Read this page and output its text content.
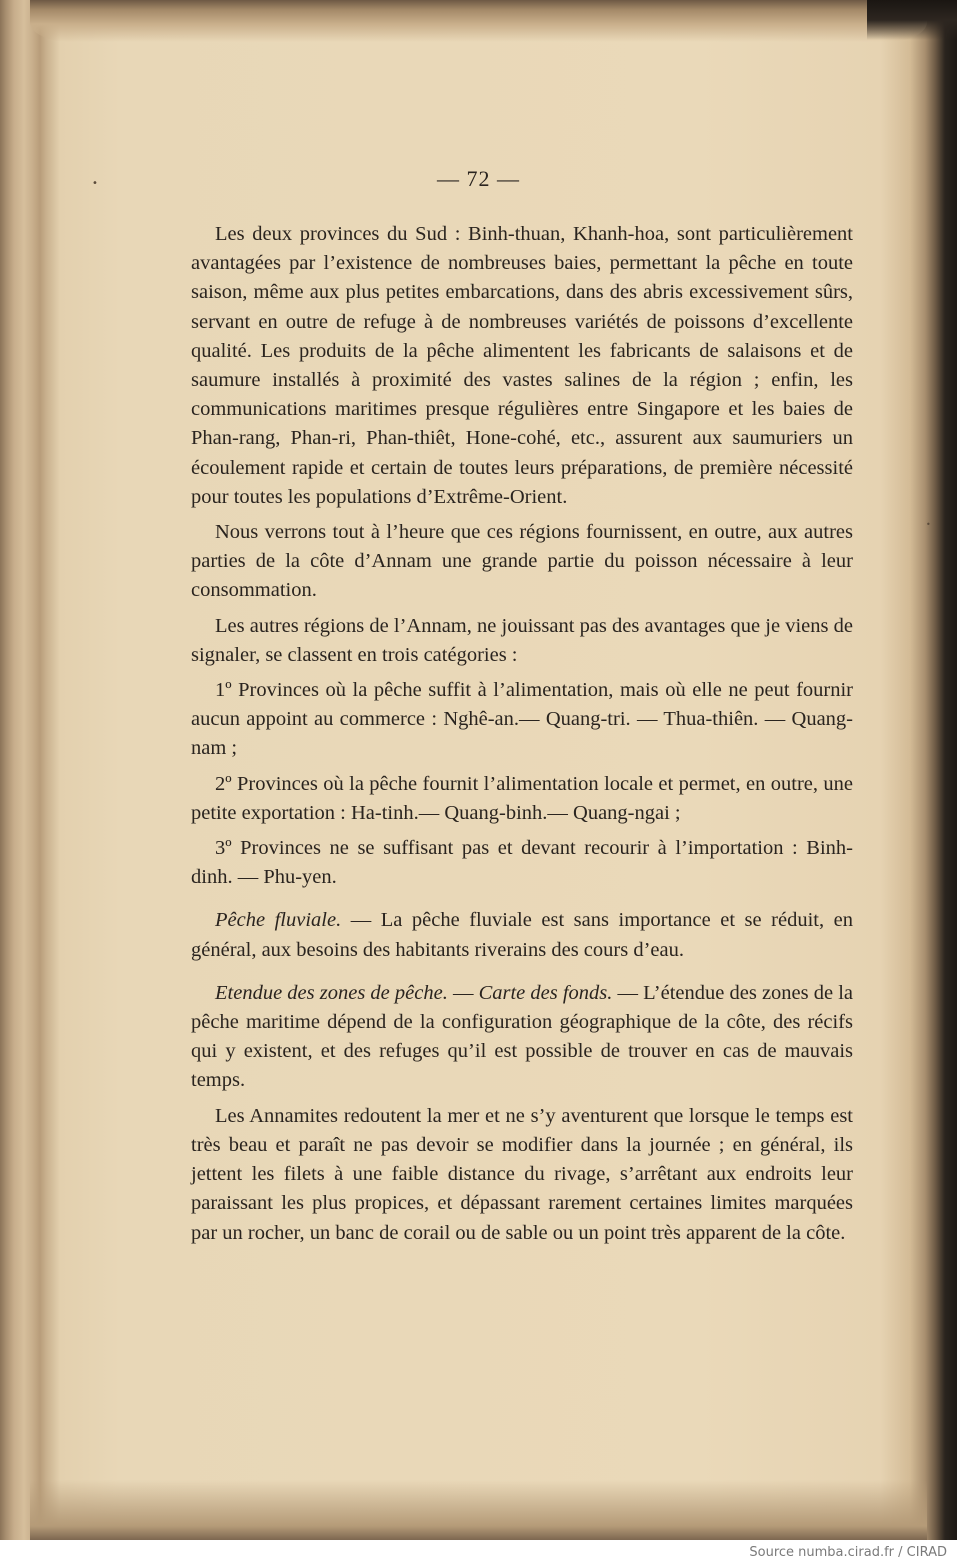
•
•
— 72 —

Les deux provinces du Sud : Binh-thuan, Khanh-hoa, sont particulièrement avantagées par l’existence de nombreuses baies, permettant la pêche en toute saison, même aux plus petites embarcations, dans des abris excessivement sûrs, servant en outre de refuge à de nombreuses variétés de poissons d’excellente qualité. Les produits de la pêche alimentent les fabricants de salaisons et de saumure installés à proximité des vastes salines de la région ; enfin, les communications maritimes presque régulières entre Singapore et les baies de Phan-rang, Phan-ri, Phan-thiêt, Hone-cohé, etc., assurent aux saumuriers un écoulement rapide et certain de toutes leurs préparations, de première nécessité pour toutes les populations d’Extrême-Orient.

Nous verrons tout à l’heure que ces régions fournissent, en outre, aux autres parties de la côte d’Annam une grande partie du poisson nécessaire à leur consommation.

Les autres régions de l’Annam, ne jouissant pas des avantages que je viens de signaler, se classent en trois catégories :

1º Provinces où la pêche suffit à l’alimentation, mais où elle ne peut fournir aucun appoint au commerce : Nghê-an.— Quang-tri. — Thua-thiên. — Quang-nam ;

2º Provinces où la pêche fournit l’alimentation locale et permet, en outre, une petite exportation : Ha-tinh.— Quang-binh.— Quang-ngai ;

3º Provinces ne se suffisant pas et devant recourir à l’importation : Binh-dinh. — Phu-yen.

Pêche fluviale. — La pêche fluviale est sans importance et se réduit, en général, aux besoins des habitants riverains des cours d’eau.

Etendue des zones de pêche. — Carte des fonds. — L’étendue des zones de la pêche maritime dépend de la configuration géographique de la côte, des récifs qui y existent, et des refuges qu’il est possible de trouver en cas de mauvais temps.

Les Annamites redoutent la mer et ne s’y aventurent que lorsque le temps est très beau et paraît ne pas devoir se modifier dans la journée ; en général, ils jettent les filets à une faible distance du rivage, s’arrêtant aux endroits leur paraissant les plus propices, et dépassant rarement certaines limites marquées par un rocher, un banc de corail ou de sable ou un point très apparent de la côte.

Source numba.cirad.fr / CIRAD
